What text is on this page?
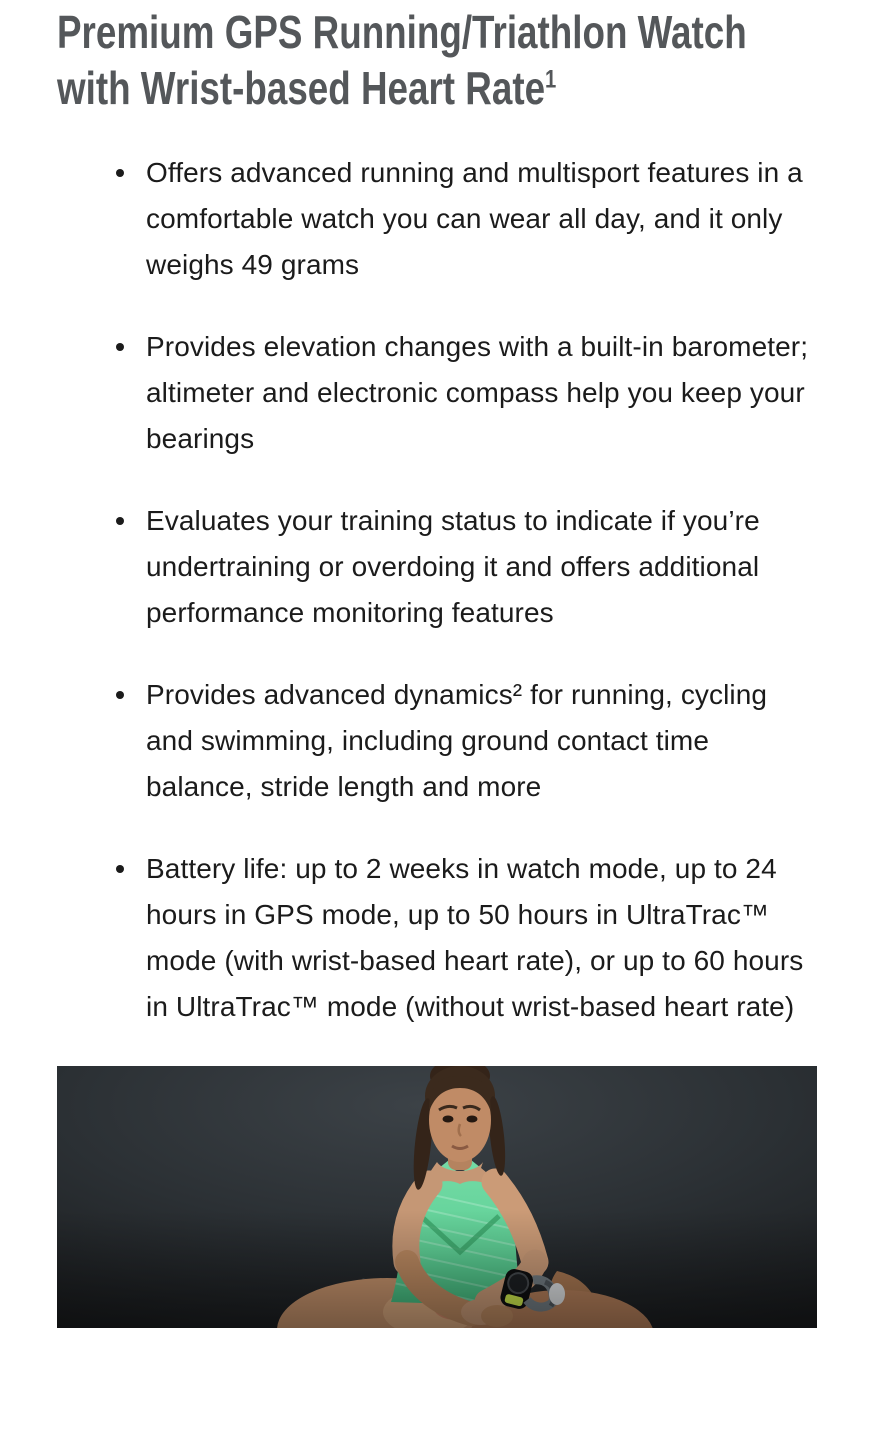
Premium GPS Running/Triathlon Watch
with Wrist-based Heart Rate$^1$
Offers advanced running and multisport features in a comfortable watch you can wear all day, and it only weighs 49 grams
Provides elevation changes with a built-in barometer; altimeter and electronic compass help you keep your bearings
Evaluates your training status to indicate if you’re undertraining or overdoing it and offers additional performance monitoring features
Provides advanced dynamics² for running, cycling and swimming, including ground contact time balance, stride length and more
Battery life: up to 2 weeks in watch mode, up to 24 hours in GPS mode, up to 50 hours in UltraTrac™ mode (with wrist-based heart rate), or up to 60 hours in UltraTrac™ mode (without wrist-based heart rate)
